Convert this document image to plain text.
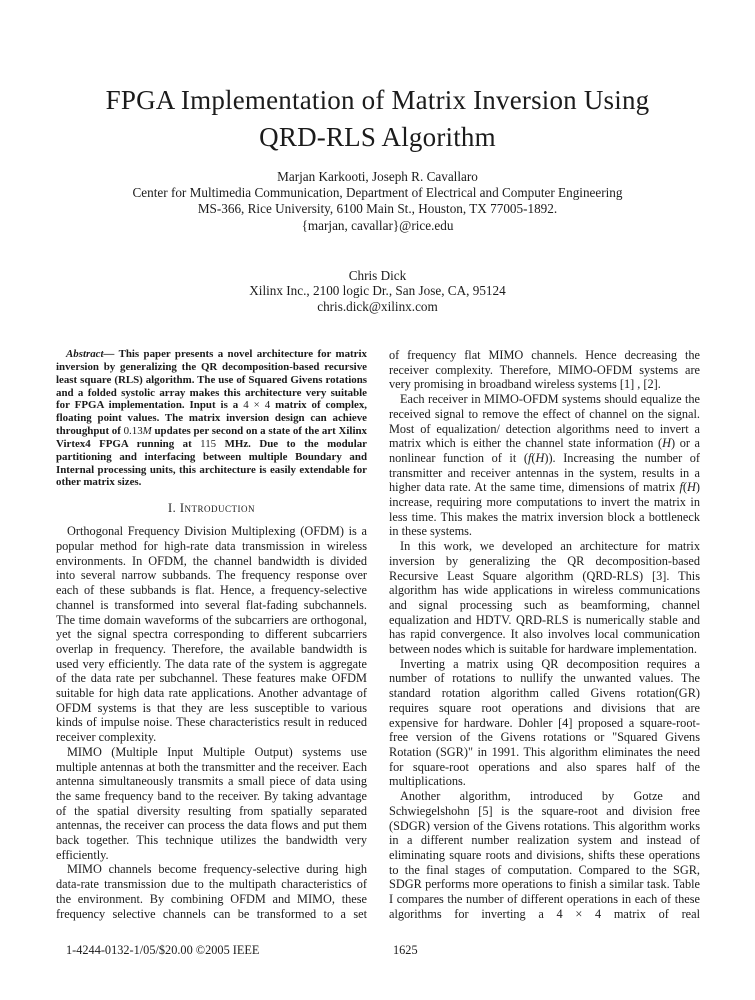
FPGA Implementation of Matrix Inversion Using
QRD-RLS Algorithm
Marjan Karkooti, Joseph R. Cavallaro
Center for Multimedia Communication, Department of Electrical and Computer Engineering
MS-366, Rice University, 6100 Main St., Houston, TX 77005-1892.
{marjan, cavallar}@rice.edu
Chris Dick
Xilinx Inc., 2100 logic Dr., San Jose, CA, 95124
chris.dick@xilinx.com

Abstract— This paper presents a novel architecture for matrix inversion by generalizing the QR decomposition-based recursive least square (RLS) algorithm. The use of Squared Givens rotations and a folded systolic array makes this architecture very suitable for FPGA implementation. Input is a 4 × 4 matrix of complex, floating point values. The matrix inversion design can achieve throughput of 0.13M updates per second on a state of the art Xilinx Virtex4 FPGA running at 115 MHz. Due to the modular partitioning and interfacing between multiple Boundary and Internal processing units, this architecture is easily extendable for other matrix sizes.

I. Introduction

Orthogonal Frequency Division Multiplexing (OFDM) is a popular method for high-rate data transmission in wireless environments. In OFDM, the channel bandwidth is divided into several narrow subbands. The frequency response over each of these subbands is flat. Hence, a frequency-selective channel is transformed into several flat-fading subchannels. The time domain waveforms of the subcarriers are orthogonal, yet the signal spectra corresponding to different subcarriers overlap in frequency. Therefore, the available bandwidth is used very efficiently. The data rate of the system is aggregate of the data rate per subchannel. These features make OFDM suitable for high data rate applications. Another advantage of OFDM systems is that they are less susceptible to various kinds of impulse noise. These characteristics result in reduced receiver complexity.

MIMO (Multiple Input Multiple Output) systems use multiple antennas at both the transmitter and the receiver. Each antenna simultaneously transmits a small piece of data using the same frequency band to the receiver. By taking advantage of the spatial diversity resulting from spatially separated antennas, the receiver can process the data flows and put them back together. This technique utilizes the bandwidth very efficiently.

MIMO channels become frequency-selective during high data-rate transmission due to the multipath characteristics of the environment. By combining OFDM and MIMO, these frequency selective channels can be transformed to a set

of frequency flat MIMO channels. Hence decreasing the receiver complexity. Therefore, MIMO-OFDM systems are very promising in broadband wireless systems [1] , [2].

Each receiver in MIMO-OFDM systems should equalize the received signal to remove the effect of channel on the signal. Most of equalization/ detection algorithms need to invert a matrix which is either the channel state information (H) or a nonlinear function of it (f(H)). Increasing the number of transmitter and receiver antennas in the system, results in a higher data rate. At the same time, dimensions of matrix f(H) increase, requiring more computations to invert the matrix in less time. This makes the matrix inversion block a bottleneck in these systems.

In this work, we developed an architecture for matrix inversion by generalizing the QR decomposition-based Recursive Least Square algorithm (QRD-RLS) [3]. This algorithm has wide applications in wireless communications and signal processing such as beamforming, channel equalization and HDTV. QRD-RLS is numerically stable and has rapid convergence. It also involves local communication between nodes which is suitable for hardware implementation.

Inverting a matrix using QR decomposition requires a number of rotations to nullify the unwanted values. The standard rotation algorithm called Givens rotation(GR) requires square root operations and divisions that are expensive for hardware. Dohler [4] proposed a square-root-free version of the Givens rotations or "Squared Givens Rotation (SGR)" in 1991. This algorithm eliminates the need for square-root operations and also spares half of the multiplications.

Another algorithm, introduced by Gotze and Schwiegelshohn [5] is the square-root and division free (SDGR) version of the Givens rotations. This algorithm works in a different number realization system and instead of eliminating square roots and divisions, shifts these operations to the final stages of computation. Compared to the SGR, SDGR performs more operations to finish a similar task. Table I compares the number of different operations in each of these algorithms for inverting a 4 × 4 matrix of real

1-4244-0132-1/05/$20.00 ©2005 IEEE	1625
